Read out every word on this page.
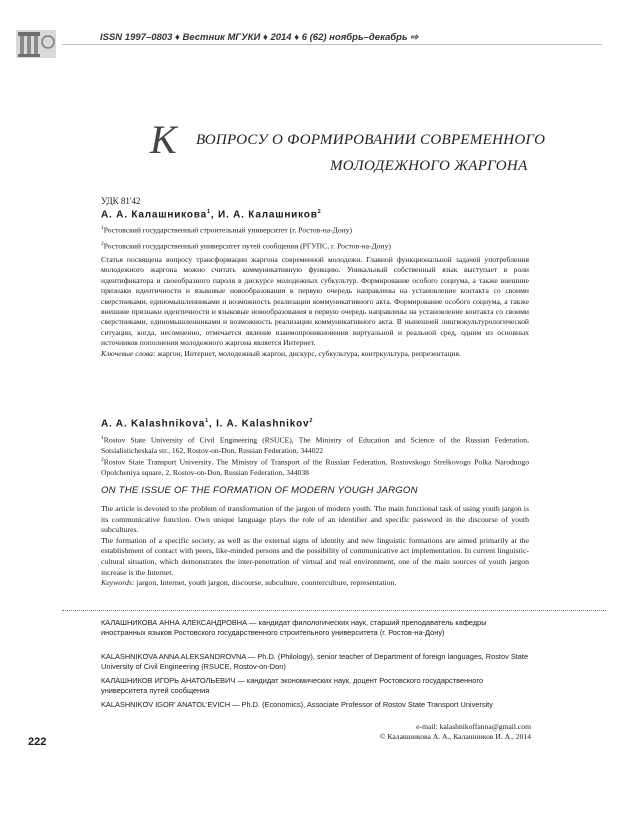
ISSN 1997–0803 ♦ Вестник МГУКИ ♦ 2014 ♦ 6 (62) ноябрь–декабрь ⇨
К ВОПРОСУ О ФОРМИРОВАНИИ СОВРЕМЕННОГО
МОЛОДЕЖНОГО ЖАРГОНА
УДК 81'42
А. А. Калашникова$^1$, И. А. Калашников$^2$
$^1$Ростовский государственный строительный университет (г. Ростов-на-Дону)
$^2$Ростовский государственный университет путей сообщения (РГУПС, г. Ростов-на-Дону)
Статья посвящена вопросу трансформации жаргона современной молодежи. Главной функциональной задачей употребления молодежного жаргона можно считать коммуникативную функцию. Уникальный собственный язык выступает в роли идентификатора и своеобразного пароля в дискурсе молодежных субкультур. Формирование особого социума, а также внешние признаки идентичности и языковые новообразования в первую очередь направлены на установление контакта со своими сверстниками, единомышленниками и возможность реализации коммуникативного акта. Формирование особого социума, а также внешние признаки идентичности и языковые новообразования в первую очередь направлены на установление контакта со своими сверстниками, единомышленниками и возможность реализации коммуникативного акта. В нынешней лингвокультурологической ситуации, когда, несомненно, отмечается явление взаимопроникновения виртуальной и реальной сред, одним из основных источников пополнения молодежного жаргона является Интернет.
Ключевые слова: жаргон, Интернет, молодежный жаргон, дискурс, субкультура, контркультура, репрезентация.
A. A. Kalashnikova$^1$, I. A. Kalashnikov$^2$
$^1$Rostov State University of Civil Engineering (RSUCE), The Ministry of Education and Science of the Russian Federation, Sotsialisticheskaia str., 162, Rostov-on-Don, Russian Federation, 344022
$^2$Rostov State Transport University, The Ministry of Transport of the Russian Federation, Rostovskogo Strelkovogo Polka Narodnogo Opolcheniya square, 2, Rostov-on-Don, Russian Federation, 344038
ON THE ISSUE OF THE FORMATION OF MODERN YOUGH JARGON
The article is devoted to the problem of transformation of the jargon of modern youth. The main functional task of using youth jargon is its communicative function. Own unique language plays the role of an identifier and specific password in the discourse of youth subcultures.
The formation of a specific society, as well as the external signs of identity and new linguistic formations are aimed primarily at the establishment of contact with peers, like-minded persons and the possibility of communicative act implementation. In current linguistic-cultural situation, which demonstrates the inter-penetration of virtual and real environment, one of the main sources of youth jargon increase is the Internet.
Keywords: jargon, Internet, youth jargon, discourse, subculture, counterculture, representation.
КАЛАШНИКОВА АННА АЛЕКСАНДРОВНА — кандидат филологических наук, старший преподаватель кафедры иностранных языков Ростовского государственного строительного университета (г. Ростов-на-Дону)
KALASHNIKOVA ANNA ALEKSANDROVNA — Ph.D. (Philology), senior teacher of Department of foreign languages, Rostov State University of Civil Engineering (RSUCE, Rostov-on-Don)
КАЛАШНИКОВ ИГОРЬ АНАТОЛЬЕВИЧ — кандидат экономических наук, доцент Ростовского государственного университета путей сообщения
KALASHNIKOV IGOR' ANATOL'EVICH — Ph.D. (Economics), Associate Professor of Rostov State Transport University
e-mail: kalashnikoffanna@gmail.com
© Калашникова А. А., Калашников И. А., 2014
222
